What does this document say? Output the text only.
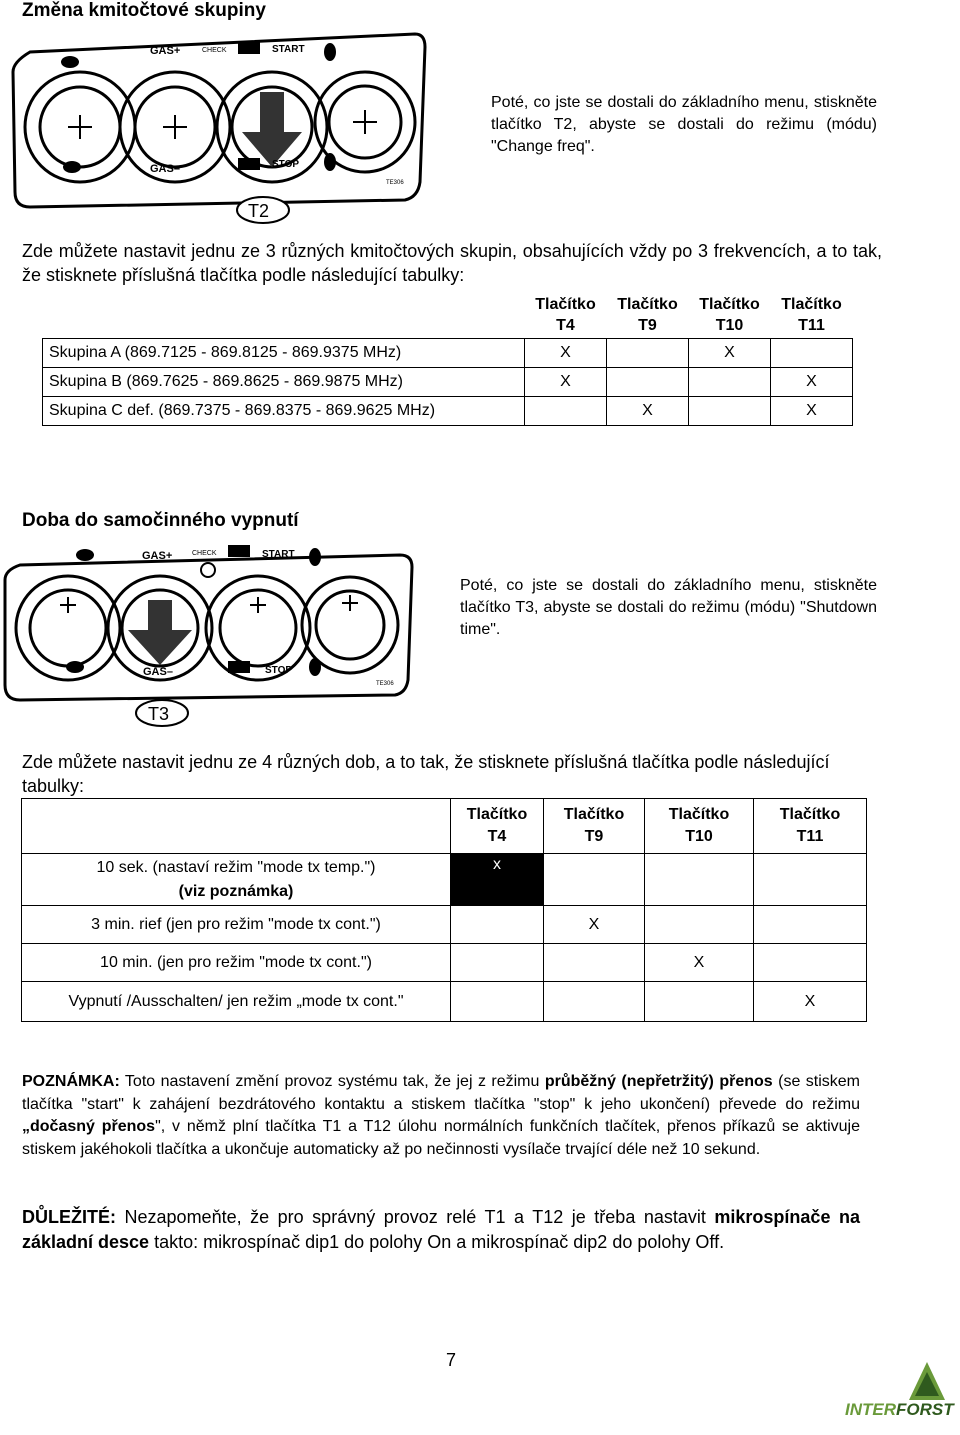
Změna kmitočtové skupiny
GAS+
GAS–
START
STOP
CHECK
TE306
T2

Poté, co jste se dostali do základního menu, stiskněte tlačítko T2, abyste se dostali do režimu (módu) "Change freq".

Zde můžete nastavit jednu ze 3 různých kmitočtových skupin, obsahujících vždy po 3 frekvencích, a to tak, že stisknete příslušná tlačítka podle následující tabulky:

	Tlačítko
T4	Tlačítko
T9	Tlačítko
T10	Tlačítko
T11
Skupina A (869.7125 - 869.8125 - 869.9375 MHz)	X		X	
Skupina B (869.7625 - 869.8625 - 869.9875 MHz)	X			X
Skupina C def. (869.7375 - 869.8375 - 869.9625 MHz)		X		X
Doba do samočinného vypnutí
GAS+
GAS–
START
STOP
CHECK
TE306
T3

Poté, co jste se dostali do základního menu, stiskněte tlačítko T3, abyste se dostali do režimu (módu) "Shutdown time".

Zde můžete nastavit jednu ze 4 různých dob, a to tak, že stisknete příslušná tlačítka podle následující tabulky:

	Tlačítko
T4	Tlačítko
T9	Tlačítko
T10	Tlačítko
T11

10 sek. (nastaví režim "mode tx temp.")
(viz poznámka)	x			
3 min. rief (jen pro režim "mode tx cont.")		X		
10 min. (jen pro režim "mode tx cont.")			X	
Vypnutí /Ausschalten/ jen režim „mode tx cont."				X

POZNÁMKA: Toto nastavení změní provoz systému tak, že jej z režimu průběžný (nepřetržitý) přenos (se stiskem tlačítka "start" k zahájení bezdrátového kontaktu a stiskem tlačítka "stop" k jeho ukončení) převede do režimu „dočasný přenos", v němž plní tlačítka T1 a T12 úlohu normálních funkčních tlačítek, přenos příkazů se aktivuje stiskem jakéhokoli tlačítka a ukončuje automaticky až po nečinnosti vysílače trvající déle než 10 sekund.

DŮLEŽITÉ: Nezapomeňte, že pro správný provoz relé T1 a T12 je třeba nastavit mikrospínače na základní desce takto: mikrospínač dip1 do polohy On a mikrospínač dip2 do polohy Off.

7
INTERFORST
